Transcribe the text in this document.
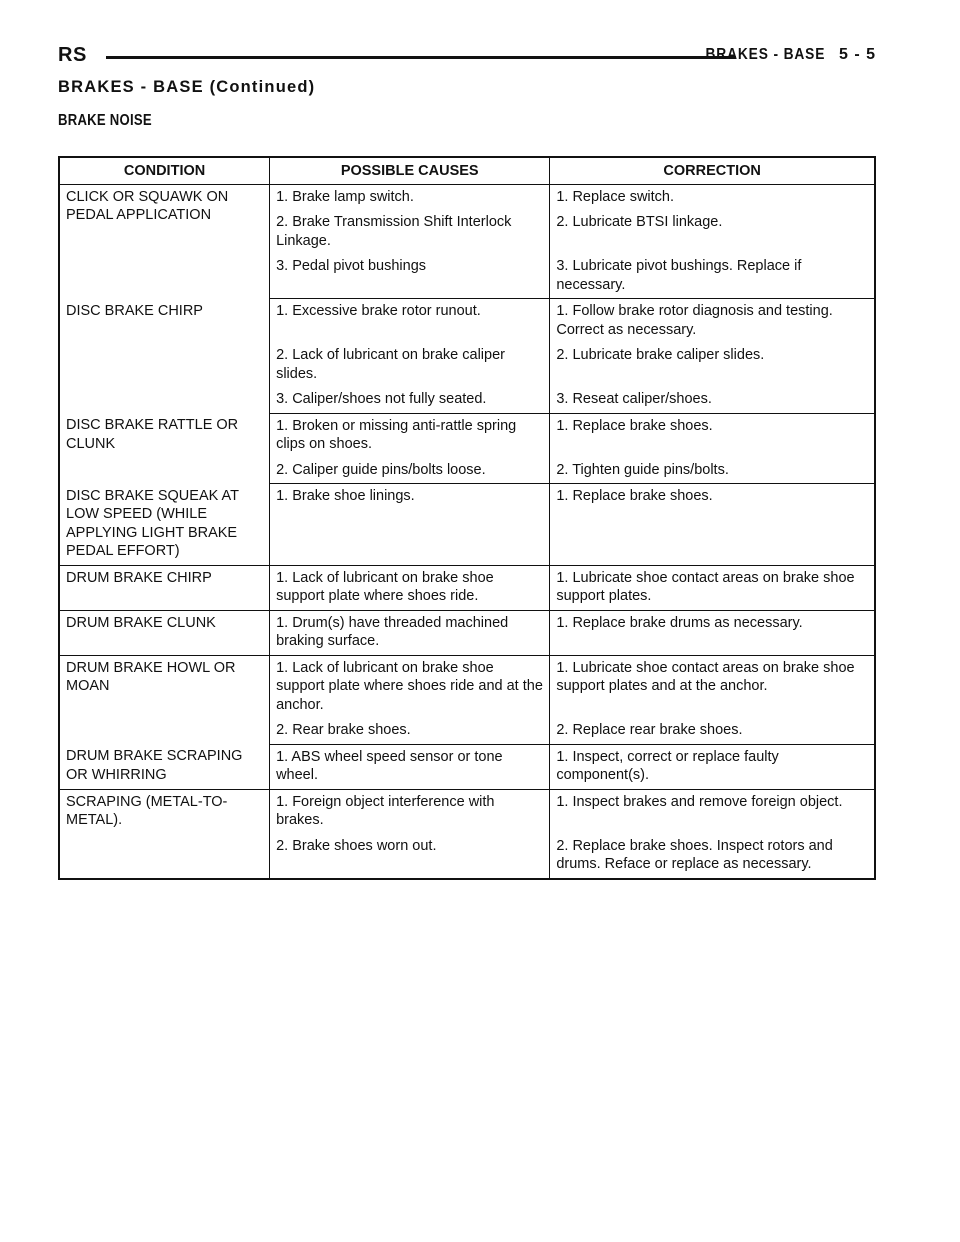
RS	BRAKES - BASE 5 - 5
BRAKES - BASE (Continued)
BRAKE NOISE
CONDITION	POSSIBLE CAUSES	CORRECTION
CLICK OR SQUAWK ON PEDAL APPLICATION	1. Brake lamp switch.	1. Replace switch.
	2. Brake Transmission Shift Interlock Linkage.	2. Lubricate BTSI linkage.
	3. Pedal pivot bushings	3. Lubricate pivot bushings. Replace if necessary.
DISC BRAKE CHIRP	1. Excessive brake rotor runout.	1. Follow brake rotor diagnosis and testing. Correct as necessary.
	2. Lack of lubricant on brake caliper slides.	2. Lubricate brake caliper slides.
	3. Caliper/shoes not fully seated.	3. Reseat caliper/shoes.
DISC BRAKE RATTLE OR CLUNK	1. Broken or missing anti-rattle spring clips on shoes.	1. Replace brake shoes.
	2. Caliper guide pins/bolts loose.	2. Tighten guide pins/bolts.
DISC BRAKE SQUEAK AT LOW SPEED (WHILE APPLYING LIGHT BRAKE PEDAL EFFORT)	1. Brake shoe linings.	1. Replace brake shoes.
DRUM BRAKE CHIRP	1. Lack of lubricant on brake shoe support plate where shoes ride.	1. Lubricate shoe contact areas on brake shoe support plates.
DRUM BRAKE CLUNK	1. Drum(s) have threaded machined braking surface.	1. Replace brake drums as necessary.
DRUM BRAKE HOWL OR MOAN	1. Lack of lubricant on brake shoe support plate where shoes ride and at the anchor.	1. Lubricate shoe contact areas on brake shoe support plates and at the anchor.
	2. Rear brake shoes.	2. Replace rear brake shoes.
DRUM BRAKE SCRAPING OR WHIRRING	1. ABS wheel speed sensor or tone wheel.	1. Inspect, correct or replace faulty component(s).
SCRAPING (METAL-TO-METAL).	1. Foreign object interference with brakes.	1. Inspect brakes and remove foreign object.
	2. Brake shoes worn out.	2. Replace brake shoes. Inspect rotors and drums. Reface or replace as necessary.
